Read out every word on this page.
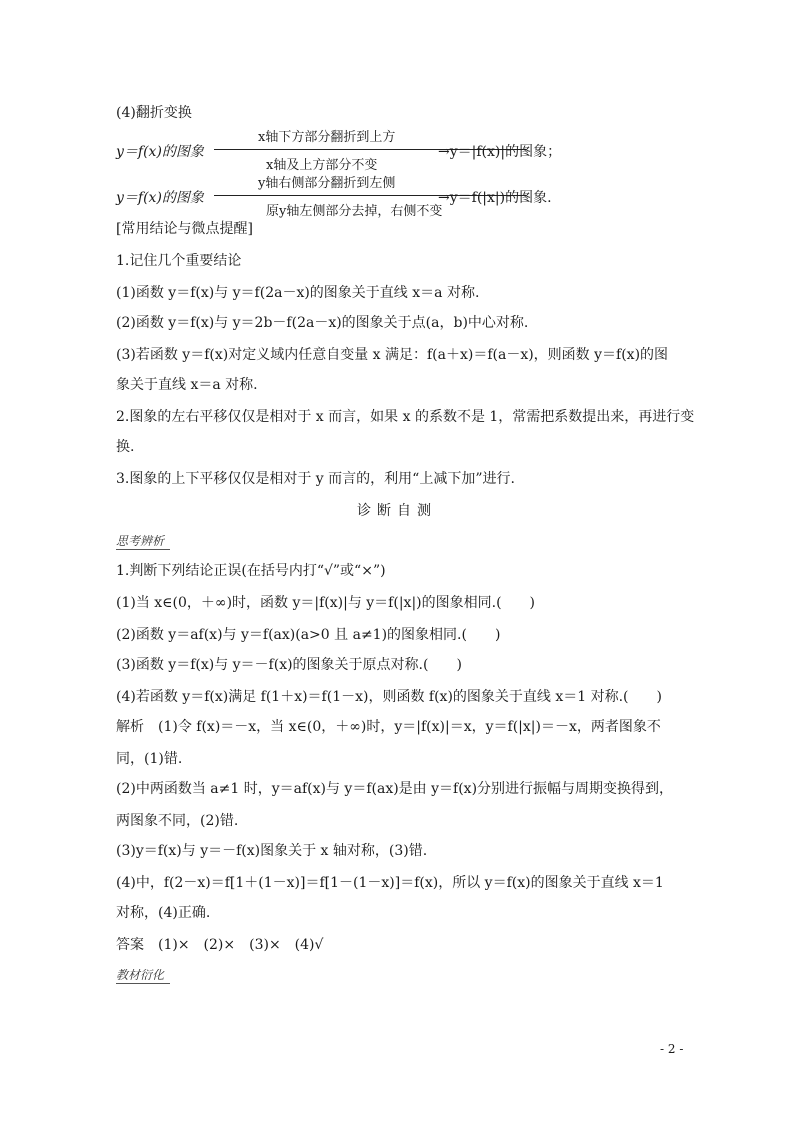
(4)翻折变换
y＝f(x)的图象
x轴下方部分翻折到上方
x轴及上方部分不变
→y＝|f(x)|的图象；
y＝f(x)的图象
y轴右侧部分翻折到左侧
原y轴左侧部分去掉，右侧不变
→y＝f(|x|)的图象.
[常用结论与微点提醒]
1.记住几个重要结论
(1)函数 y＝f(x)与 y＝f(2a－x)的图象关于直线 x＝a 对称.
(2)函数 y＝f(x)与 y＝2b－f(2a－x)的图象关于点(a，b)中心对称.
(3)若函数 y＝f(x)对定义域内任意自变量 x 满足：f(a＋x)＝f(a－x)，则函数 y＝f(x)的图
象关于直线 x＝a 对称.
2.图象的左右平移仅仅是相对于 x 而言，如果 x 的系数不是 1，常需把系数提出来，再进行变
换.
3.图象的上下平移仅仅是相对于 y 而言的，利用“上减下加”进行.
诊断自测
思考辨析
1.判断下列结论正误(在括号内打“√”或“×”)
(1)当 x∈(0，＋∞)时，函数 y＝|f(x)|与 y＝f(|x|)的图象相同.(　　)
(2)函数 y＝af(x)与 y＝f(ax)(a>0 且 a≠1)的图象相同.(　　)
(3)函数 y＝f(x)与 y＝－f(x)的图象关于原点对称.(　　)
(4)若函数 y＝f(x)满足 f(1＋x)＝f(1－x)，则函数 f(x)的图象关于直线 x＝1 对称.(　　)
解析　(1)令 f(x)＝－x，当 x∈(0，＋∞)时，y＝|f(x)|＝x，y＝f(|x|)＝－x，两者图象不
同，(1)错.
(2)中两函数当 a≠1 时，y＝af(x)与 y＝f(ax)是由 y＝f(x)分别进行振幅与周期变换得到，
两图象不同，(2)错.
(3)y＝f(x)与 y＝－f(x)图象关于 x 轴对称，(3)错.
(4)中，f(2－x)＝f[1＋(1－x)]＝f[1－(1－x)]＝f(x)，所以 y＝f(x)的图象关于直线 x＝1
对称，(4)正确.
答案　(1)×　(2)×　(3)×　(4)√
教材衍化
- 2 -
